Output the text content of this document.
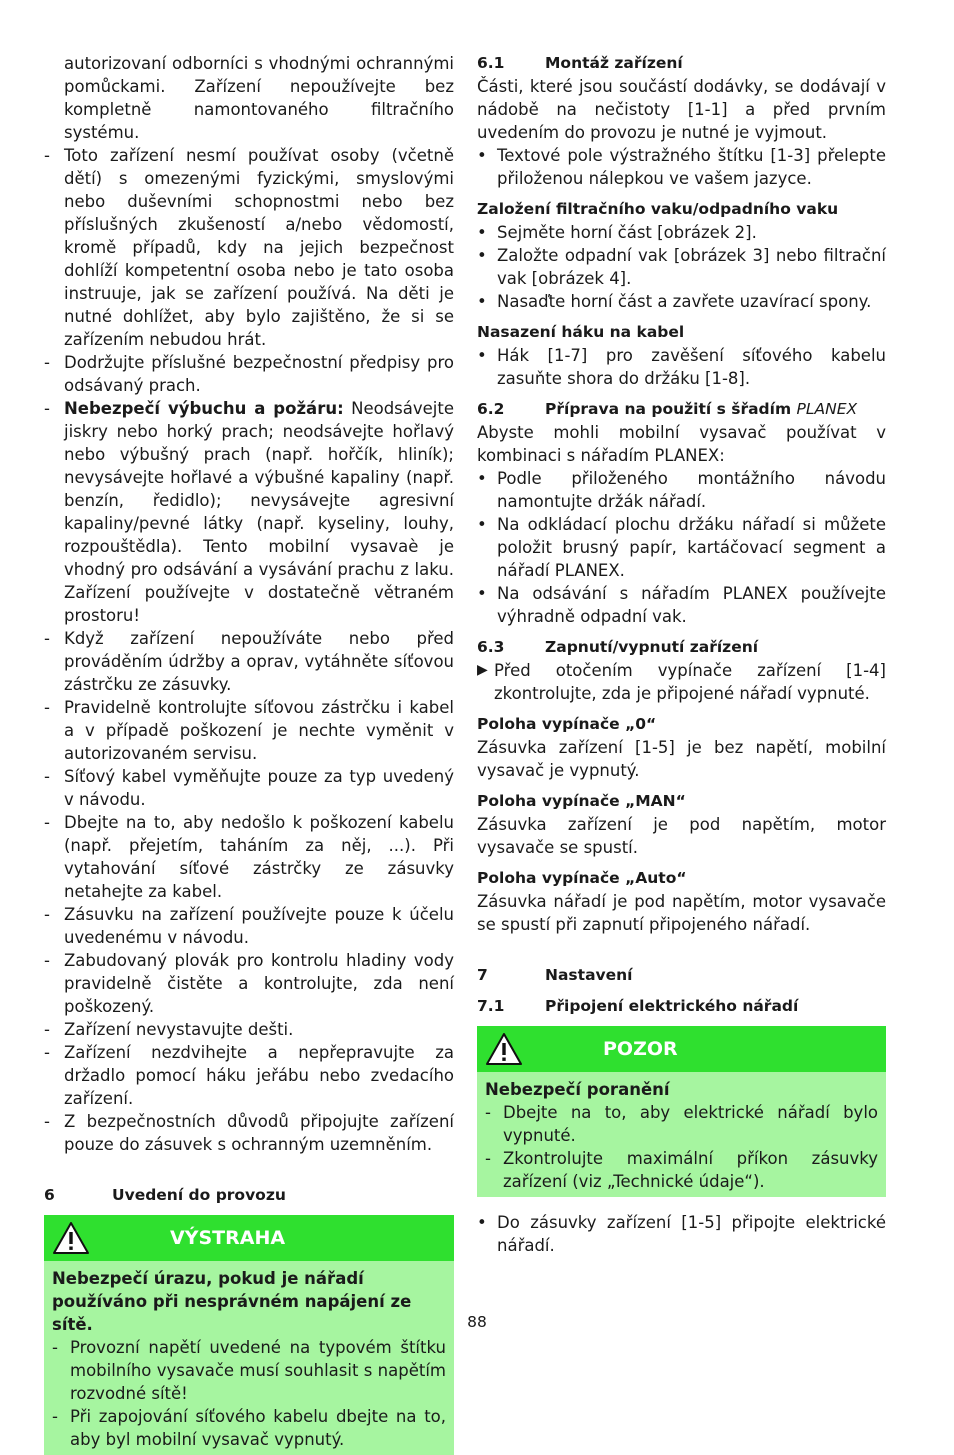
autorizovaní odborníci s vhodnými ochrannými pomůckami. Zařízení nepoužívejte bez kompletně namontovaného filtračního systému.

- Toto zařízení nesmí používat osoby (včetně dětí) s omezenými fyzickými, smyslovými nebo duševními schopnostmi nebo bez příslušných zkušeností a/nebo vědomostí, kromě případů, kdy na jejich bezpečnost dohlíží kompetentní osoba nebo je tato osoba instruuje, jak se zařízení používá. Na děti je nutné dohlížet, aby bylo zajištěno, že si se zařízením nebudou hrát.
- Dodržujte příslušné bezpečnostní předpisy pro odsávaný prach.
- Nebezpečí výbuchu a požáru: Neodsávejte jiskry nebo horký prach; neodsávejte hořlavý nebo výbušný prach (např. hořčík, hliník); nevysávejte hořlavé a výbušné kapaliny (např. benzín, ředidlo); nevysávejte agresivní kapaliny/pevné látky (např. kyseliny, louhy, rozpouštědla). Tento mobilní vysavaè je vhodný pro odsávání a vysávání prachu z laku. Zařízení používejte v dostatečně větraném prostoru!
- Když zařízení nepoužíváte nebo před prováděním údržby a oprav, vytáhněte síťovou zástrčku ze zásuvky.
- Pravidelně kontrolujte síťovou zástrčku i kabel a v případě poškození je nechte vyměnit v autorizovaném servisu.
- Síťový kabel vyměňujte pouze za typ uvedený v návodu.
- Dbejte na to, aby nedošlo k poškození kabelu (např. přejetím, taháním za něj, ...). Při vytahování síťové zástrčky ze zásuvky netahejte za kabel.
- Zásuvku na zařízení používejte pouze k účelu uvedenému v návodu.
- Zabudovaný plovák pro kontrolu hladiny vody pravidelně čistěte a kontrolujte, zda není poškozený.
- Zařízení nevystavujte dešti.
- Zařízení nezdvihejte a nepřepravujte za držadlo pomocí háku jeřábu nebo zvedacího zařízení.
- Z bezpečnostních důvodů připojujte zařízení pouze do zásuvek s ochranným uzemněním.
6	Uvedení do provozu
VÝSTRAHA

Nebezpečí úrazu, pokud je nářadí používáno při nesprávném napájení ze sítě.

- Provozní napětí uvedené na typovém štítku mobilního vysavače musí souhlasit s napětím rozvodné sítě!
- Při zapojování síťového kabelu dbejte na to, aby byl mobilní vysavač vypnutý.
6.1	Montáž zařízení

Části, které jsou součástí dodávky, se dodávají v nádobě na nečistoty [1-1] a před prvním uvedením do provozu je nutné je vyjmout.

• Textové pole výstražného štítku [1-3] přelepte přiloženou nálepkou ve vašem jazyce.
Založení filtračního vaku/odpadního vaku
• Sejměte horní část [obrázek 2].
• Založte odpadní vak [obrázek 3] nebo filtrační vak [obrázek 4].
• Nasaďte horní část a zavřete uzavírací spony.
Nasazení háku na kabel
• Hák [1-7] pro zavěšení síťového kabelu zasuňte shora do držáku [1-8].
6.2	Příprava na použití s šřadím PLANEX

Abyste mohli mobilní vysavač používat v kombinaci s nářadím PLANEX:

• Podle přiloženého montážního návodu namontujte držák nářadí.
• Na odkládací plochu držáku nářadí si můžete položit brusný papír, kartáčovací segment a nářadí PLANEX.
• Na odsávání s nářadím PLANEX používejte výhradně odpadní vak.
6.3	Zapnutí/vypnutí zařízení
▶ Před otočením vypínače zařízení [1-4] zkontrolujte, zda je připojené nářadí vypnuté.
Poloha vypínače „0“

Zásuvka zařízení [1-5] je bez napětí, mobilní vysavač je vypnutý.

Poloha vypínače „MAN“

Zásuvka zařízení je pod napětím, motor vysavače se spustí.

Poloha vypínače „Auto“

Zásuvka nářadí je pod napětím, motor vysavače se spustí při zapnutí připojeného nářadí.

7	Nastavení
7.1	Připojení elektrického nářadí
POZOR

Nebezpečí poranění

- Dbejte na to, aby elektrické nářadí bylo vypnuté.
- Zkontrolujte maximální příkon zásuvky zařízení (viz „Technické údaje“).
• Do zásuvky zařízení [1-5] připojte elektrické nářadí.
88
